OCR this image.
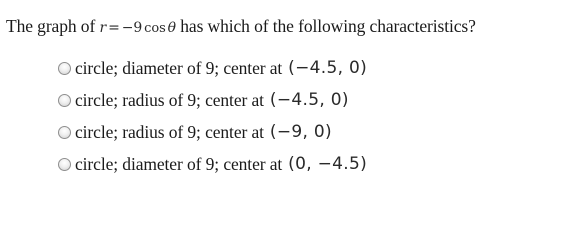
The graph of r = −9 cos θ has which of the following characteristics?
circle; diameter of 9; center at (−4.5, 0)
circle; radius of 9; center at (−4.5, 0)
circle; radius of 9; center at (−9, 0)
circle; diameter of 9; center at (0, −4.5)
